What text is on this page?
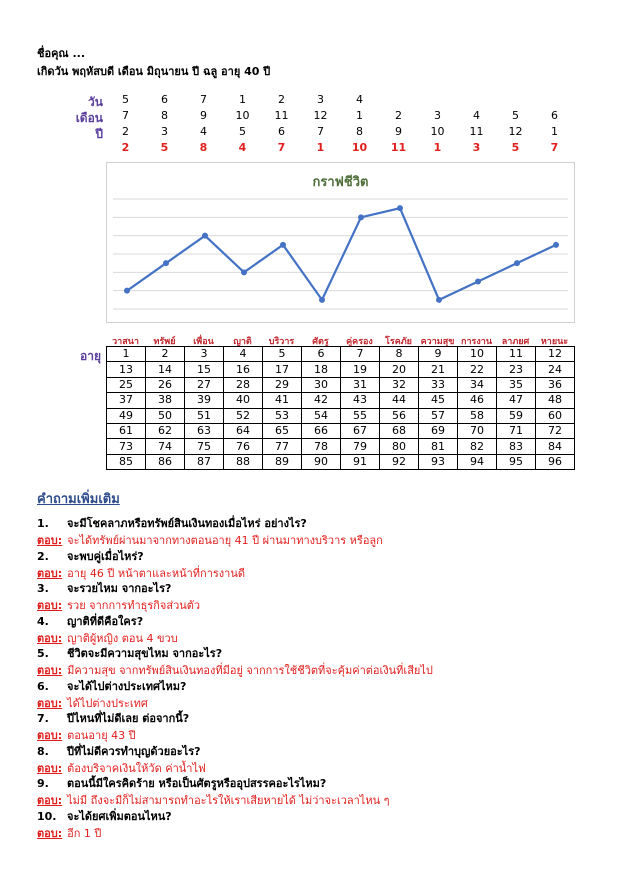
ชื่อคุณ ...
เกิดวัน พฤหัสบดี เดือน มิถุนายน ปี ฉลู อายุ 40 ปี
วัน
เดือน
ปี
5	6	7	1	2	3	4
7	8	9	10	11	12	1	2	3	4	5	6
2	3	4	5	6	7	8	9	10	11	12	1
2	5	8	4	7	1	10	11	1	3	5	7
กราฟชีวิต
วาสนา	ทรัพย์	เพื่อน	ญาติ	บริวาร	ศัตรู	คู่ครอง	โรคภัย ความสุข การงาน	ลาภยศ	หายนะ
อายุ 1	2	3	4	5	6	7	8	9	10	11	12
13	14	15	16	17	18	19	20	21	22	23	24
25	26	27	28	29	30	31	32	33	34	35	36
37	38	39	40	41	42	43	44	45	46	47	48
49	50	51	52	53	54	55	56	57	58	59	60
61	62	63	64	65	66	67	68	69	70	71	72
73	74	75	76	77	78	79	80	81	82	83	84
85	86	87	88	89	90	91	92	93	94	95	96
คำถามเพิ่มเติม
1. จะมีโชคลาภหรือทรัพย์สินเงินทองเมื่อไหร่ อย่างไร?
ตอบ: จะได้ทรัพย์ผ่านมาจากทางตอนอายุ 41 ปี ผ่านมาทางบริวาร หรือลูก
2. จะพบคู่เมื่อไหร่?
ตอบ: อายุ 46 ปี หน้าตาและหน้าที่การงานดี
3. จะรวยไหม จากอะไร?
ตอบ: รวย จากการทำธุรกิจส่วนตัว
4. ญาติที่ดีคือใคร?
ตอบ: ญาติผู้หญิง ตอน 4 ขวบ
5. ชีวิตจะมีความสุขไหม จากอะไร?
ตอบ: มีความสุข จากทรัพย์สินเงินทองที่มีอยู่ จากการใช้ชีวิตที่จะคุ้มค่าต่อเงินที่เสียไป
6. จะได้ไปต่างประเทศไหม?
ตอบ: ได้ไปต่างประเทศ
7. ปีไหนที่ไม่ดีเลย ต่อจากนี้?
ตอบ: ตอนอายุ 43 ปี
8. ปีที่ไม่ดีควรทำบุญด้วยอะไร?
ตอบ: ต้องบริจาคเงินให้วัด ค่าน้ำไฟ
9. ตอนนี้มีใครคิดร้าย หรือเป็นศัตรูหรืออุปสรรคอะไรไหม?
ตอบ: ไม่มี ถึงจะมีก็ไม่สามารถทำอะไรให้เราเสียหายได้ ไม่ว่าจะเวลาไหน ๆ
10. จะได้ยศเพิ่มตอนไหน?
ตอบ: อีก 1 ปี
